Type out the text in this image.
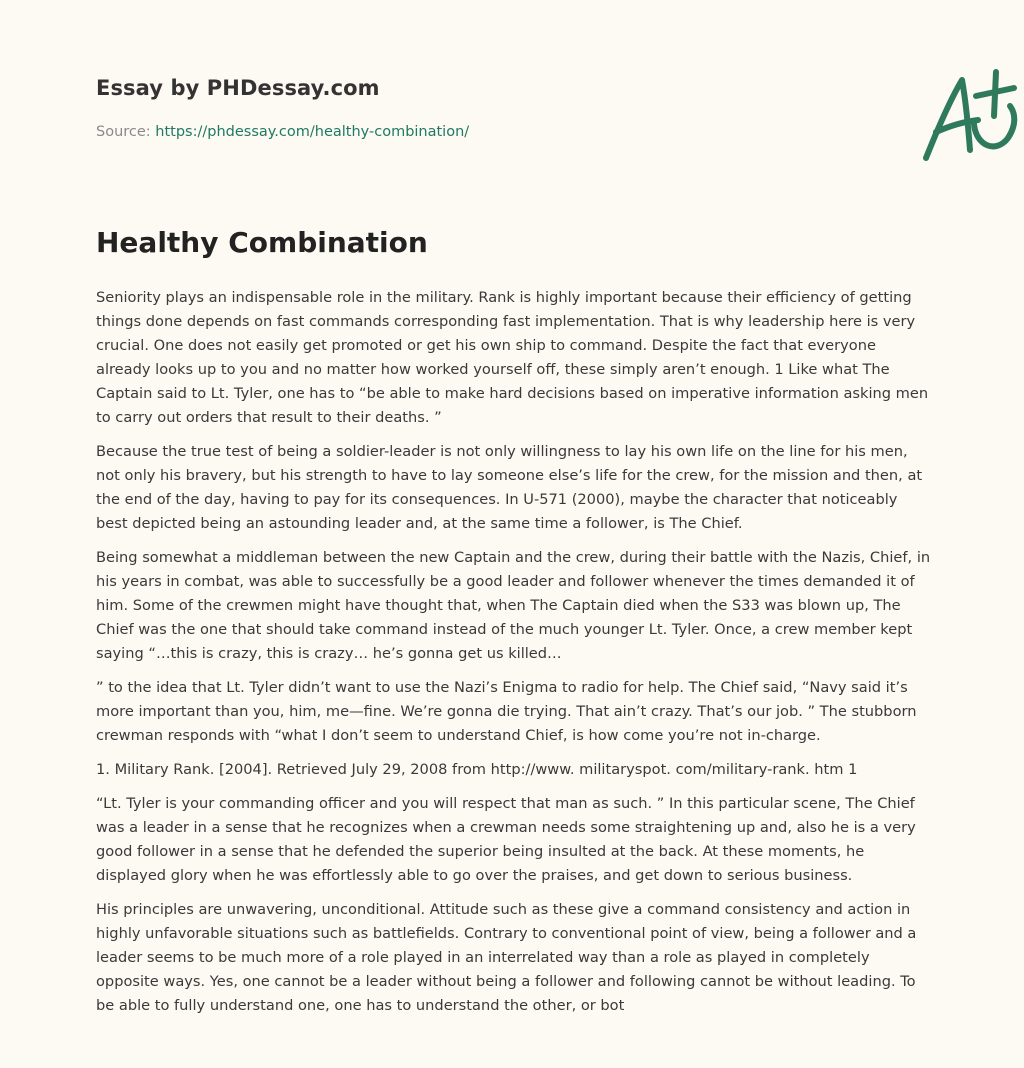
Essay by PHDessay.com
Source: https://phdessay.com/healthy-combination/
Healthy Combination

Seniority plays an indispensable role in the military. Rank is highly important because their efficiency of getting things done depends on fast commands corresponding fast implementation. That is why leadership here is very crucial. One does not easily get promoted or get his own ship to command. Despite the fact that everyone already looks up to you and no matter how worked yourself off, these simply aren’t enough. 1 Like what The Captain said to Lt. Tyler, one has to “be able to make hard decisions based on imperative information asking men to carry out orders that result to their deaths. ”

Because the true test of being a soldier-leader is not only willingness to lay his own life on the line for his men, not only his bravery, but his strength to have to lay someone else’s life for the crew, for the mission and then, at the end of the day, having to pay for its consequences. In U-571 (2000), maybe the character that noticeably best depicted being an astounding leader and, at the same time a follower, is The Chief.

Being somewhat a middleman between the new Captain and the crew, during their battle with the Nazis, Chief, in his years in combat, was able to successfully be a good leader and follower whenever the times demanded it of him. Some of the crewmen might have thought that, when The Captain died when the S33 was blown up, The Chief was the one that should take command instead of the much younger Lt. Tyler. Once, a crew member kept saying “…this is crazy, this is crazy… he’s gonna get us killed…

” to the idea that Lt. Tyler didn’t want to use the Nazi’s Enigma to radio for help. The Chief said, “Navy said it’s more important than you, him, me—fine. We’re gonna die trying. That ain’t crazy. That’s our job. ” The stubborn crewman responds with “what I don’t seem to understand Chief, is how come you’re not in-charge.

1. Military Rank. [2004]. Retrieved July 29, 2008 from http://www. militaryspot. com/military-rank. htm 1

“Lt. Tyler is your commanding officer and you will respect that man as such. ” In this particular scene, The Chief was a leader in a sense that he recognizes when a crewman needs some straightening up and, also he is a very good follower in a sense that he defended the superior being insulted at the back. At these moments, he displayed glory when he was effortlessly able to go over the praises, and get down to serious business.

His principles are unwavering, unconditional. Attitude such as these give a command consistency and action in highly unfavorable situations such as battlefields. Contrary to conventional point of view, being a follower and a leader seems to be much more of a role played in an interrelated way than a role as played in completely opposite ways. Yes, one cannot be a leader without being a follower and following cannot be without leading. To be able to fully understand one, one has to understand the other, or bot
